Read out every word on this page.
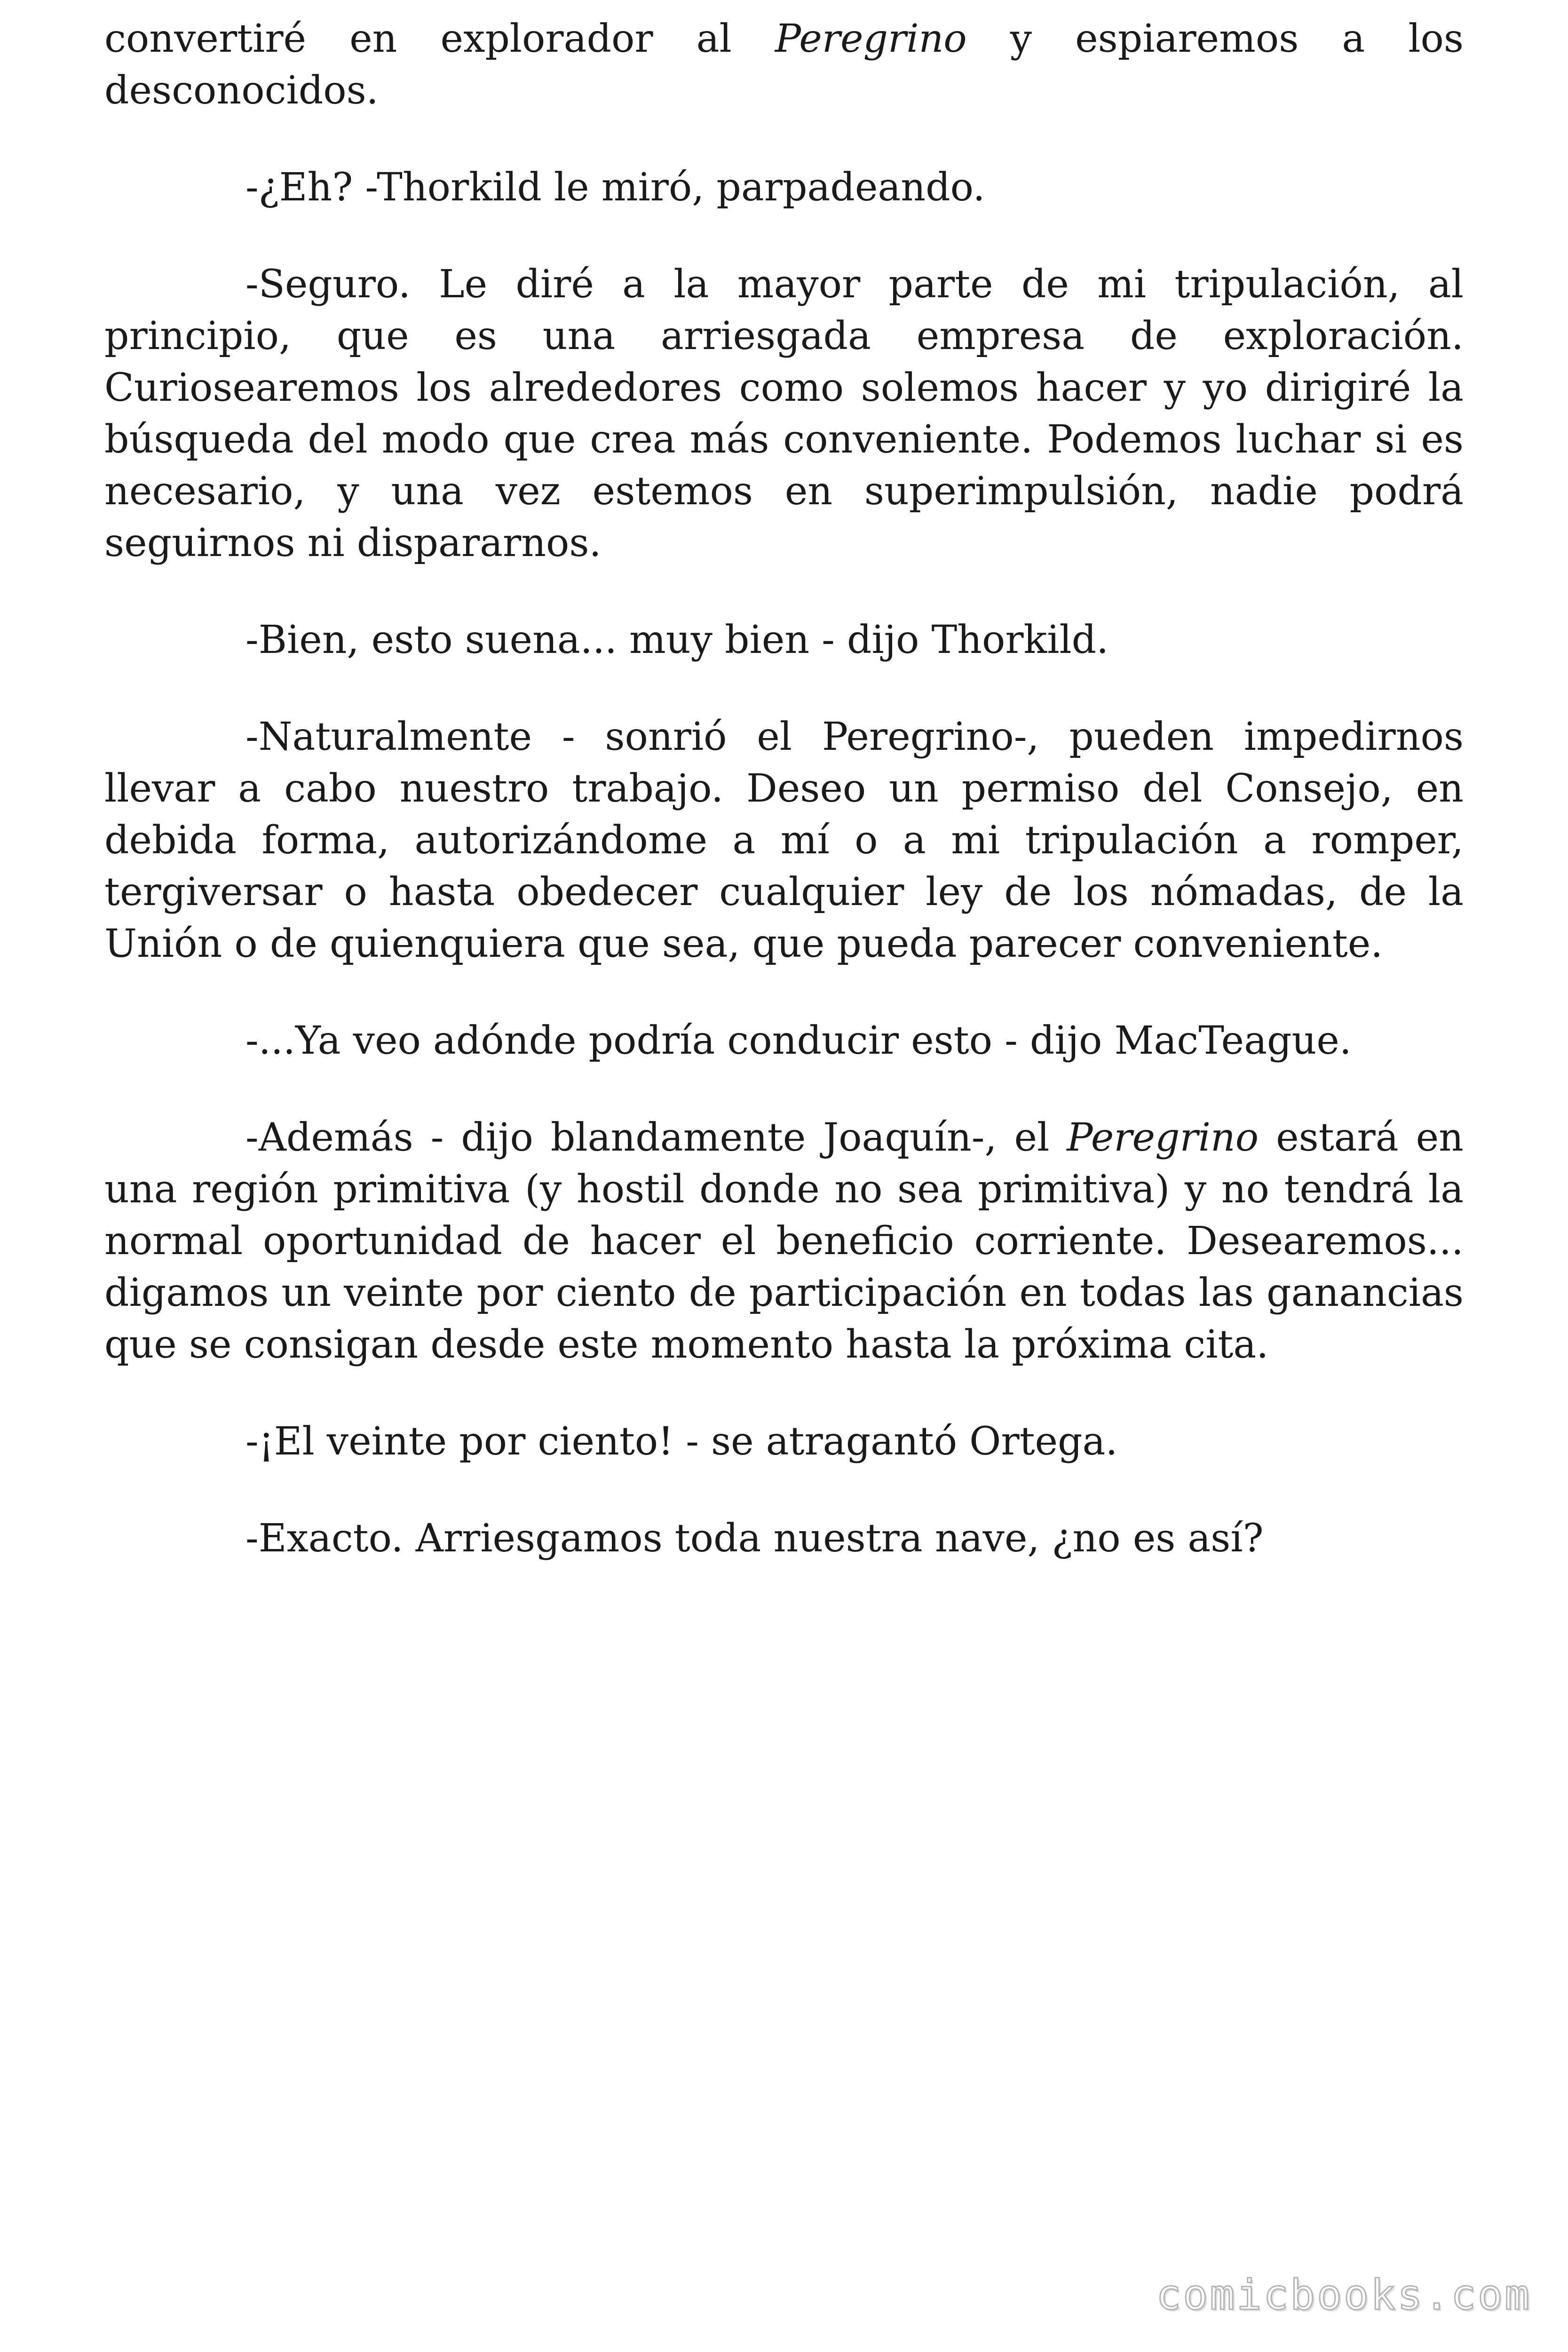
convertiré en explorador al Peregrino y espiaremos a los desconocidos.

-¿Eh? -Thorkild le miró, parpadeando.

-Seguro. Le diré a la mayor parte de mi tripulación, al principio, que es una arriesgada empresa de exploración. Curiosearemos los alrededores como solemos hacer y yo dirigiré la búsqueda del modo que crea más conveniente. Podemos luchar si es necesario, y una vez estemos en superimpulsión, nadie podrá seguirnos ni dispararnos.

-Bien, esto suena... muy bien - dijo Thorkild.

-Naturalmente - sonrió el Peregrino-, pueden impedirnos llevar a cabo nuestro trabajo. Deseo un permiso del Consejo, en debida forma, autorizándome a mí o a mi tripulación a romper, tergiversar o hasta obedecer cualquier ley de los nómadas, de la Unión o de quienquiera que sea, que pueda parecer conveniente.

-...Ya veo adónde podría conducir esto - dijo MacTeague.

-Además - dijo blandamente Joaquín-, el Peregrino estará en una región primitiva (y hostil donde no sea primitiva) y no tendrá la normal oportunidad de hacer el beneficio corriente. Desearemos... digamos un veinte por ciento de participación en todas las ganancias que se consigan desde este momento hasta la próxima cita.

-¡El veinte por ciento! - se atragantó Ortega.

-Exacto. Arriesgamos toda nuestra nave, ¿no es así?

comicbooks.com
